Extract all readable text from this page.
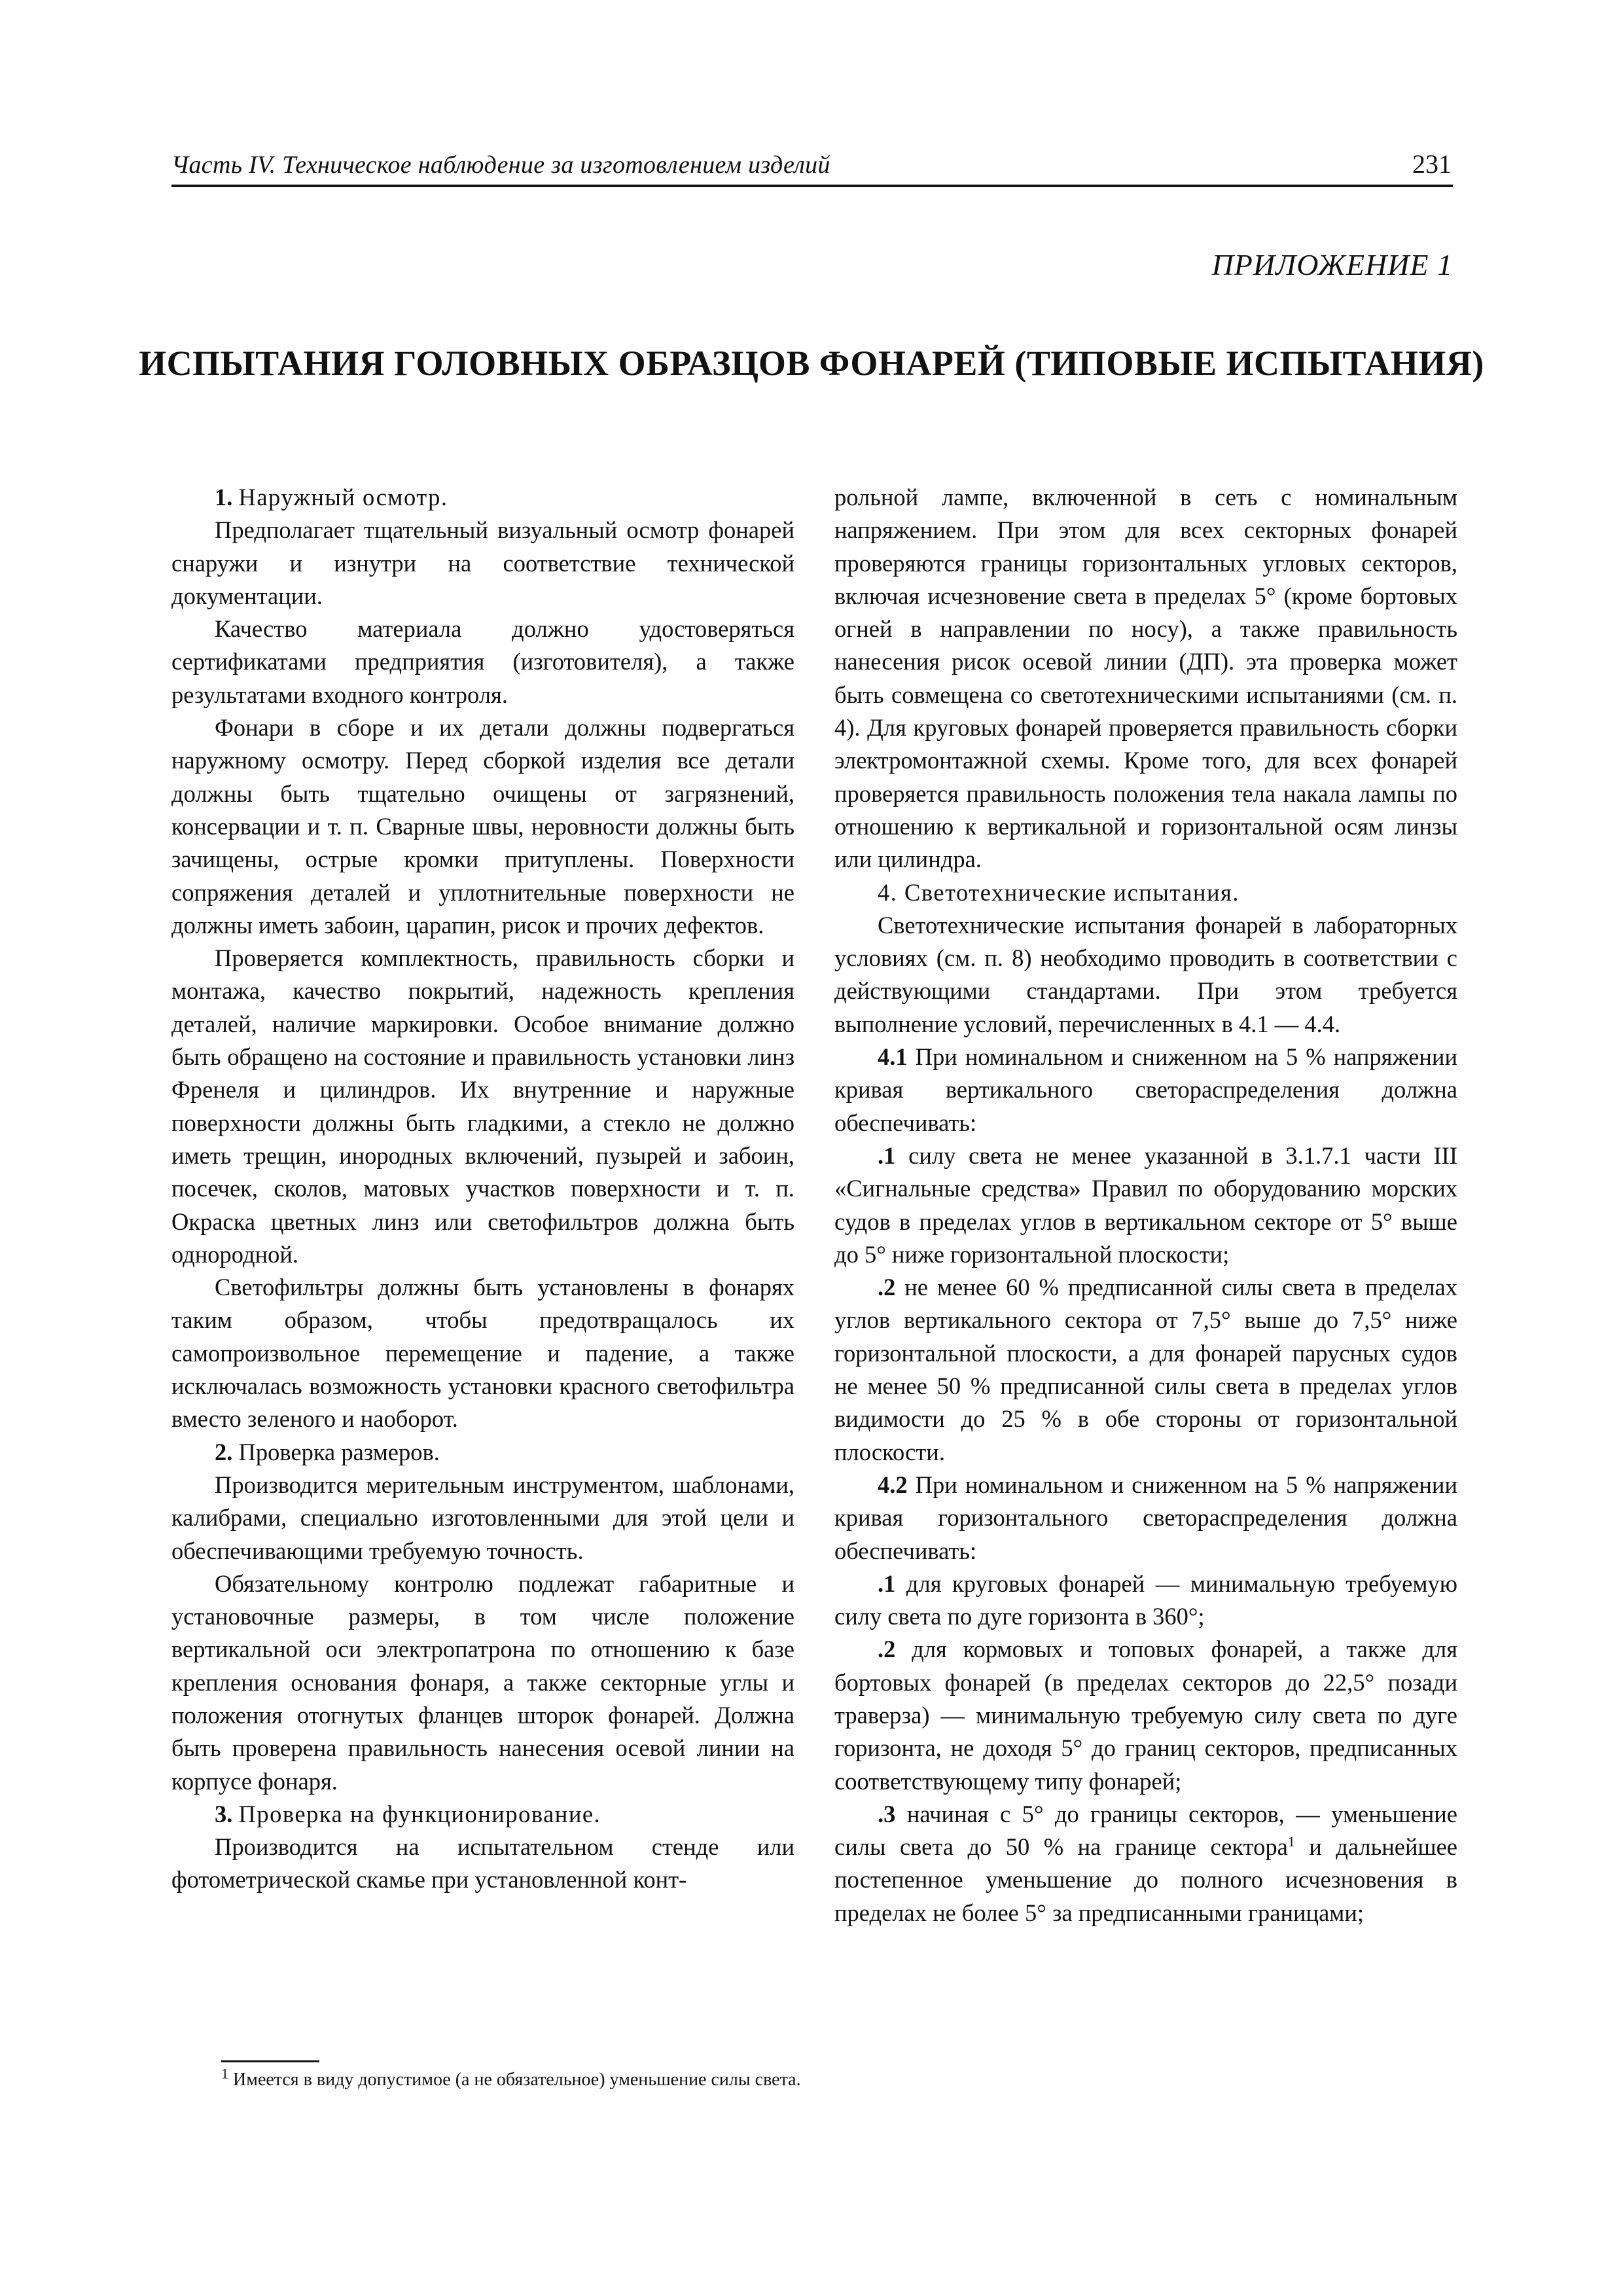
Часть IV. Техническое наблюдение за изготовлением изделий	231
ПРИЛОЖЕНИЕ 1
ИСПЫТАНИЯ ГОЛОВНЫХ ОБРАЗЦОВ ФОНАРЕЙ (ТИПОВЫЕ ИСПЫТАНИЯ)

1. Наружный осмотр.

Предполагает тщательный визуальный осмотр фонарей снаружи и изнутри на соответствие технической документации.

Качество материала должно удостоверяться сертификатами предприятия (изготовителя), а также результатами входного контроля.

Фонари в сборе и их детали должны подвергаться наружному осмотру. Перед сборкой изделия все детали должны быть тщательно очищены от загрязнений, консервации и т. п. Сварные швы, неровности должны быть зачищены, острые кромки притуплены. Поверхности сопряжения деталей и уплотнительные поверхности не должны иметь забоин, царапин, рисок и прочих дефектов.

Проверяется комплектность, правильность сборки и монтажа, качество покрытий, надежность крепления деталей, наличие маркировки. Особое внимание должно быть обращено на состояние и правильность установки линз Френеля и цилиндров. Их внутренние и наружные поверхности должны быть гладкими, а стекло не должно иметь трещин, инородных включений, пузырей и забоин, посечек, сколов, матовых участков поверхности и т. п. Окраска цветных линз или светофильтров должна быть однородной.

Светофильтры должны быть установлены в фонарях таким образом, чтобы предотвращалось их самопроизвольное перемещение и падение, а также исключалась возможность установки красного светофильтра вместо зеленого и наоборот.

2. Проверка размеров.

Производится мерительным инструментом, шаблонами, калибрами, специально изготовленными для этой цели и обеспечивающими требуемую точность.

Обязательному контролю подлежат габаритные и установочные размеры, в том числе положение вертикальной оси электропатрона по отношению к базе крепления основания фонаря, а также секторные углы и положения отогнутых фланцев шторок фонарей. Должна быть проверена правильность нанесения осевой линии на корпусе фонаря.

3. Проверка на функционирование.

Производится на испытательном стенде или фотометрической скамье при установленной конт-

рольной лампе, включенной в сеть с номинальным напряжением. При этом для всех секторных фонарей проверяются границы горизонтальных угловых секторов, включая исчезновение света в пределах 5° (кроме бортовых огней в направлении по носу), а также правильность нанесения рисок осевой линии (ДП). эта проверка может быть совмещена со светотехническими испытаниями (см. п. 4). Для круговых фонарей проверяется правильность сборки электромонтажной схемы. Кроме того, для всех фонарей проверяется правильность положения тела накала лампы по отношению к вертикальной и горизонтальной осям линзы или цилиндра.

4. Светотехнические испытания.

Светотехнические испытания фонарей в лабораторных условиях (см. п. 8) необходимо проводить в соответствии с действующими стандартами. При этом требуется выполнение условий, перечисленных в 4.1 — 4.4.

4.1 При номинальном и сниженном на 5 % напряжении кривая вертикального светораспределения должна обеспечивать:

.1 силу света не менее указанной в 3.1.7.1 части III «Сигнальные средства» Правил по оборудованию морских судов в пределах углов в вертикальном секторе от 5° выше до 5° ниже горизонтальной плоскости;

.2 не менее 60 % предписанной силы света в пределах углов вертикального сектора от 7,5° выше до 7,5° ниже горизонтальной плоскости, а для фонарей парусных судов не менее 50 % предписанной силы света в пределах углов видимости до 25 % в обе стороны от горизонтальной плоскости.

4.2 При номинальном и сниженном на 5 % напряжении кривая горизонтального светораспределения должна обеспечивать:

.1 для круговых фонарей — минимальную требуемую силу света по дуге горизонта в 360°;

.2 для кормовых и топовых фонарей, а также для бортовых фонарей (в пределах секторов до 22,5° позади траверза) — минимальную требуемую силу света по дуге горизонта, не доходя 5° до границ секторов, предписанных соответствующему типу фонарей;

.3 начиная с 5° до границы секторов, — уменьшение силы света до 50 % на границе сектора$^1$ и дальнейшее постепенное уменьшение до полного исчезновения в пределах не более 5° за предписанными границами;

$^1$ Имеется в виду допустимое (а не обязательное) уменьшение силы света.
